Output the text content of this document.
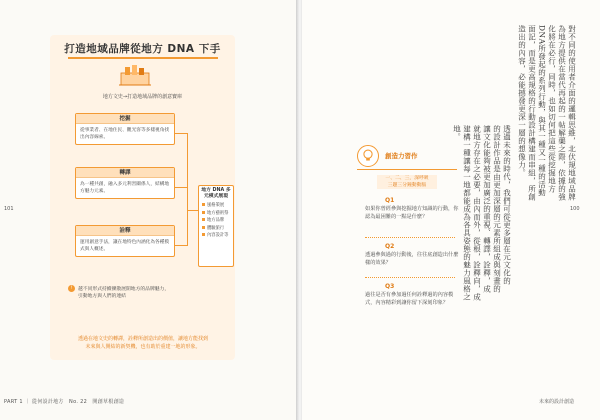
打造地域品牌從地方 DNA 下手
地方文史→打造地域品牌的創意寶庫
挖掘
從事業者、在地住民、觀光客等多樣視角找出內容線索。
轉譯
為一種共創，融入多元利害關係人，結構地方魅力元素。
詮釋
運用創意手法，讓在地特色內涵化為各種模式與人概述。
地方 DNA 多元模式展現
風格策展
地方藝術祭
地方品牌
體驗旅行
內容設計等
! 越不同形式持續擴散展開地方的品牌魅力，
引動地方與人們的連結
透過在地文史的轉譯，詮釋所創造出的價值，讓地方能找到未來與人開結的新契機，也有助於重建一地的形象。
101
PART 1 ｜ 從何設計地方　No. 22　開創草根創造
對不同的使用者介面的邏輯思維，北伏規地域品牌
為地方提供在當代再起的一帖解藥之際，依據的強
化將在必行，同時，也如切何把這些從挖掘地方
DNA所發起的系列行動，與其一種又一種的活動
面記，而是更高規格的行動設計構建而串組，所創
造出的內容，必能撼發更深一層的想像力。
透過未來的時代，我們可從更多層在元文化的
的設計作品是由更加深層的元素所組成與刻畫的
讓文化能夠被更加廣泛的重視、轉譯，詮釋，成
就地方存在之必要，由內而外，從根，詮釋向，成
建構一種讓每一地都能成為各具姿態的魅力風格之
地。
創造力習作
一、二、三，深呼吸
三題三分鐘動動腦
Q1
如果你曾經參與挖掘地方知識的行動，你認為最困難的一點是什麼？
Q2
透過參與過的行動後，往往底創造出什麼樣的效果？
Q3
過往是否有參加過任何詮釋過的內容模式，內容精彩到讓你留下深刻印象？
100
未來的設計創造
